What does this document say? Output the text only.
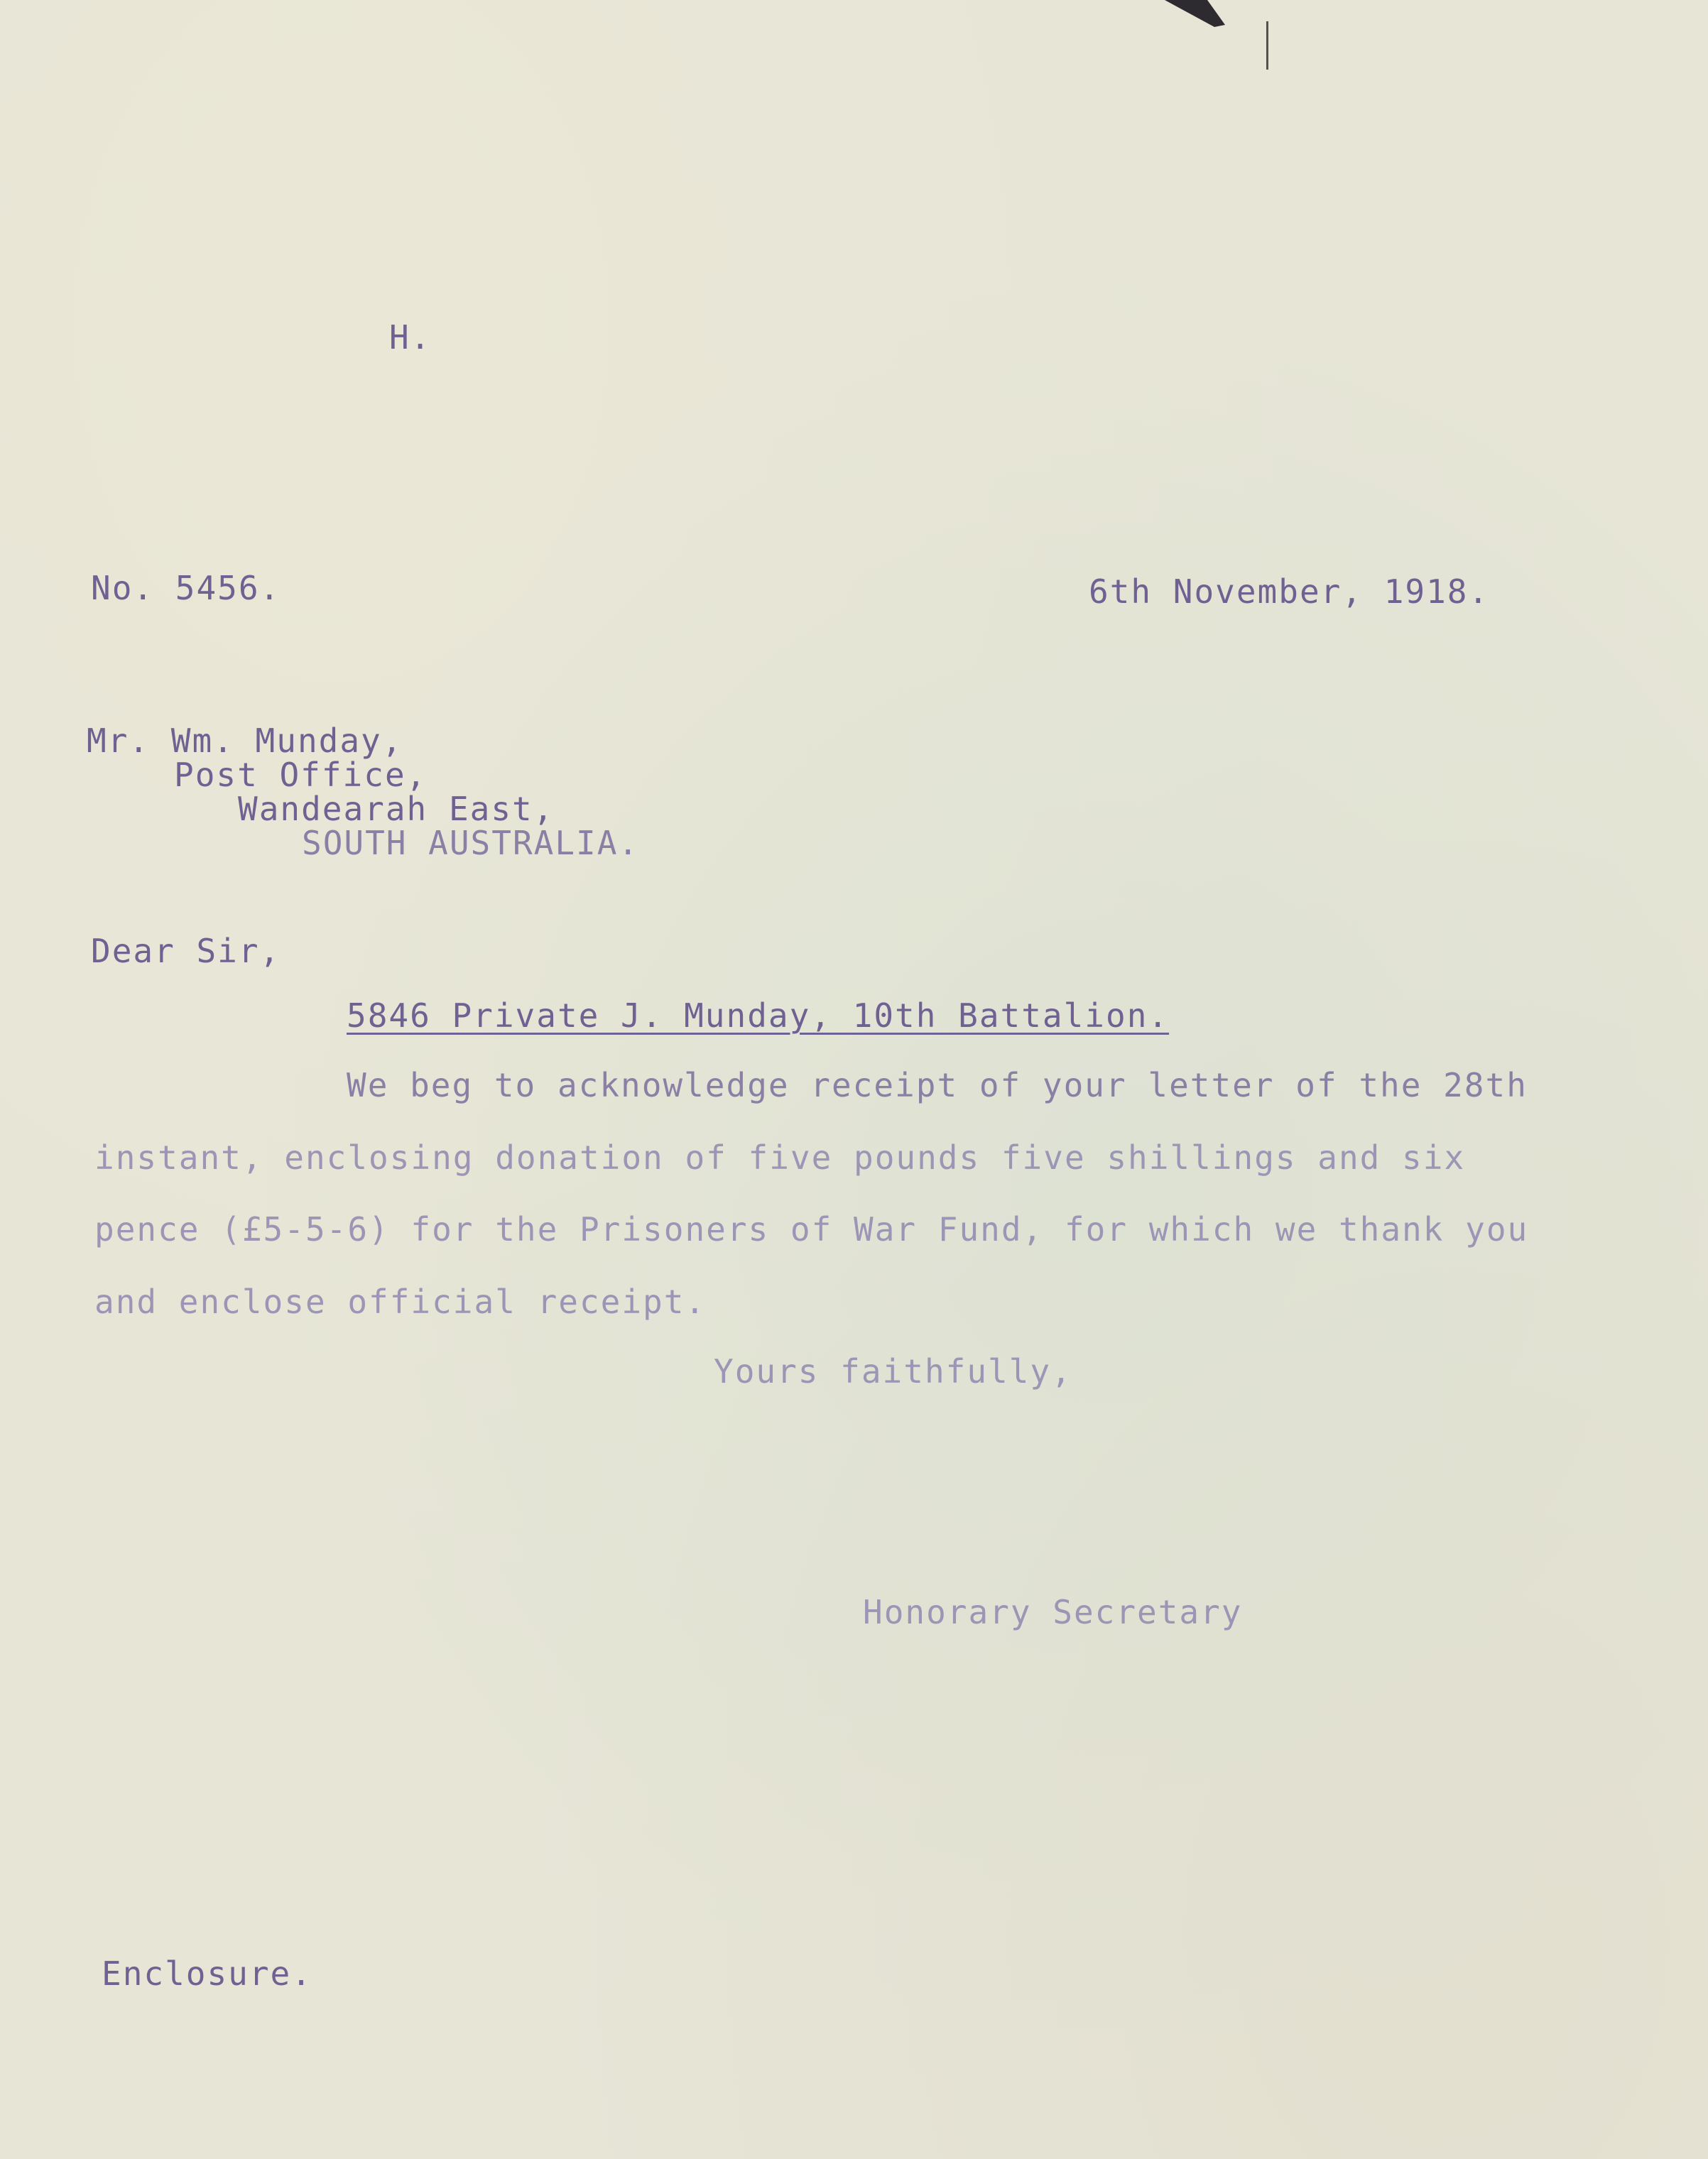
H.
No. 5456.	6th November, 1918.
Mr. Wm. Munday,
Post Office,
Wandearah East,
SOUTH AUSTRALIA.
Dear Sir,
5846 Private J. Munday, 10th Battalion.
We beg to acknowledge receipt of your letter of the 28th
instant, enclosing donation of five pounds five shillings and six
pence (£5-5-6) for the Prisoners of War Fund, for which we thank you
and enclose official receipt.
Yours faithfully,
Honorary Secretary
Enclosure.
